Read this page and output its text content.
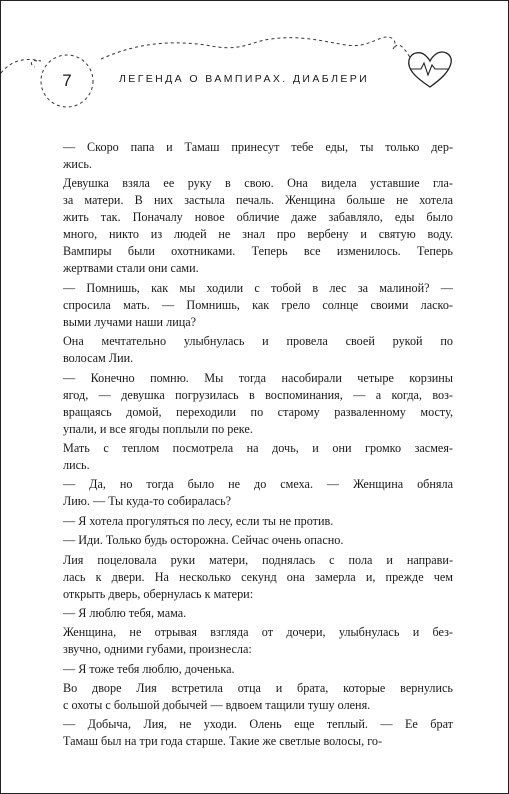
7	ЛЕГЕНДА О ВАМПИРАХ. ДИАБЛЕРИ
— Скоро папа и Тамаш принесут тебе еды, ты только дер-
жись.
Девушка взяла ее руку в свою. Она видела уставшие гла-
за матери. В них застыла печаль. Женщина больше не хотела
жить так. Поначалу новое обличие даже забавляло, еды было
много, никто из людей не знал про вербену и святую воду.
Вампиры были охотниками. Теперь все изменилось. Теперь
жертвами стали они сами.
— Помнишь, как мы ходили с тобой в лес за малиной? —
спросила мать. — Помнишь, как грело солнце своими ласко-
выми лучами наши лица?
Она мечтательно улыбнулась и провела своей рукой по
волосам Лии.
— Конечно помню. Мы тогда насобирали четыре корзины
ягод, — девушка погрузилась в воспоминания, — а когда, воз-
вращаясь домой, переходили по старому разваленному мосту,
упали, и все ягоды поплыли по реке.
Мать с теплом посмотрела на дочь, и они громко засмея-
лись.
— Да, но тогда было не до смеха. — Женщина обняла
Лию. — Ты куда-то собиралась?
— Я хотела прогуляться по лесу, если ты не против.
— Иди. Только будь осторожна. Сейчас очень опасно.
Лия поцеловала руки матери, поднялась с пола и направи-
лась к двери. На несколько секунд она замерла и, прежде чем
открыть дверь, обернулась к матери:
— Я люблю тебя, мама.
Женщина, не отрывая взгляда от дочери, улыбнулась и без-
звучно, одними губами, произнесла:
— Я тоже тебя люблю, доченька.
Во дворе Лия встретила отца и брата, которые вернулись
с охоты с большой добычей — вдвоем тащили тушу оленя.
— Добыча, Лия, не уходи. Олень еще теплый. — Ее брат
Тамаш был на три года старше. Такие же светлые волосы, го-
